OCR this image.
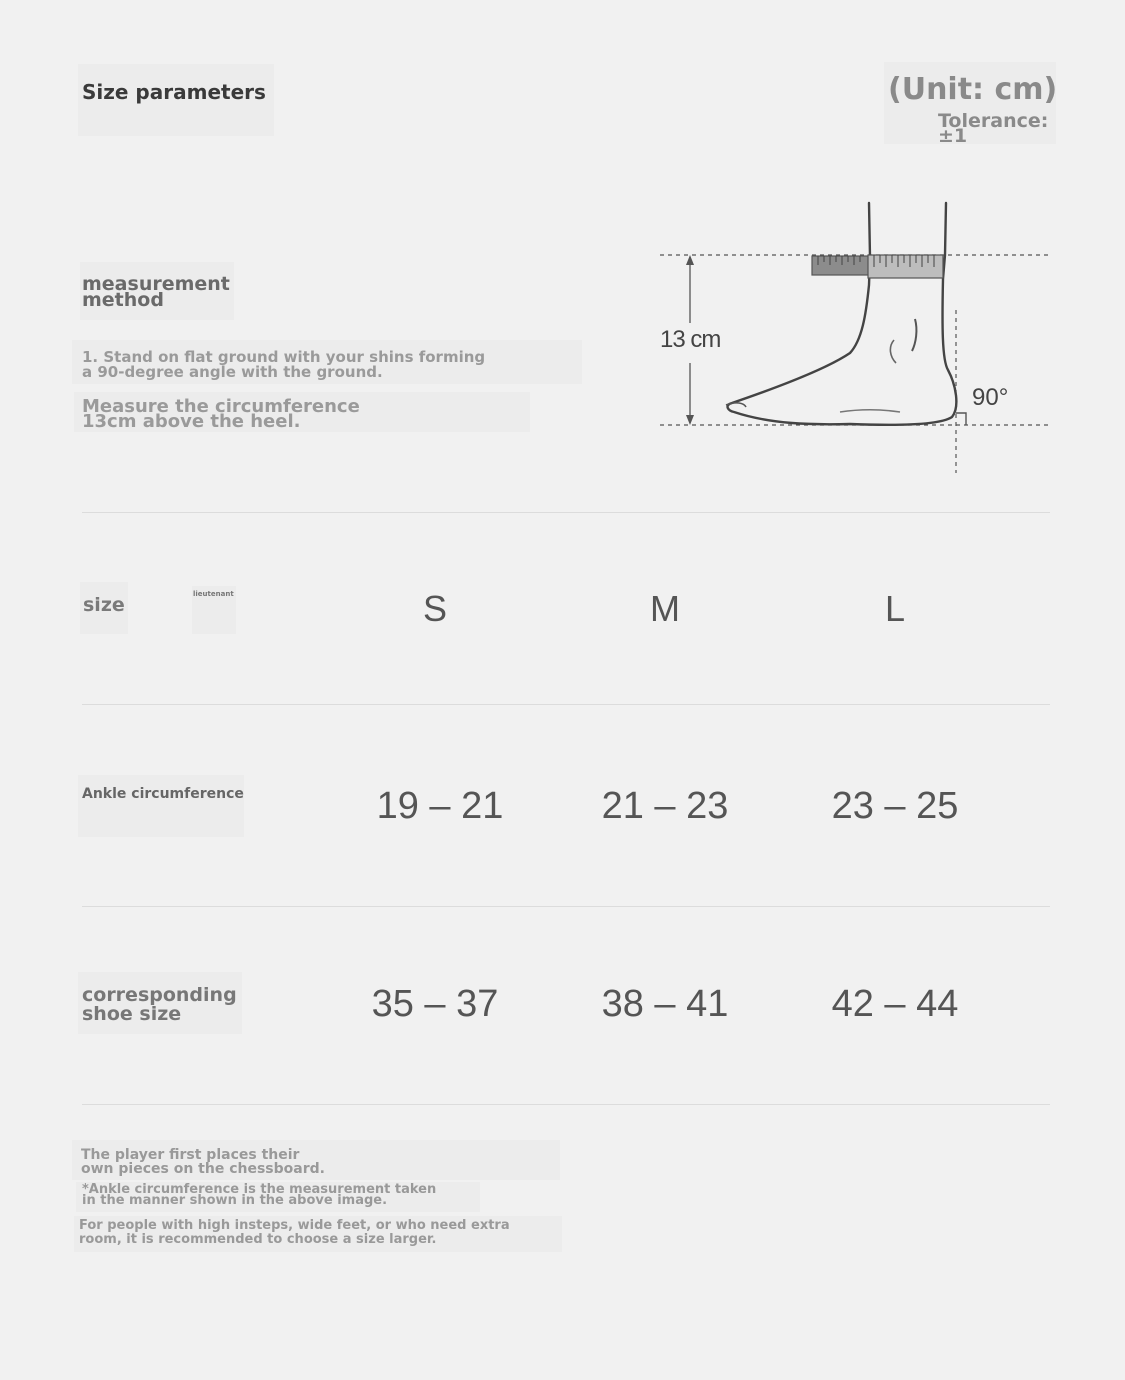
Size parameters	(Unit: cm)
Tolerance:
±1
measurement
method
1. Stand on flat ground with your shins forming
a 90-degree angle with the ground.
Measure the circumference
13cm above the heel.
13 cm
90°
size	lieutenant	S	M	L
Ankle circumference	19 – 21	21 – 23	23 – 25
corresponding
shoe size	35 – 37	38 – 41	42 – 44
The player first places their
own pieces on the chessboard.
*Ankle circumference is the measurement taken
in the manner shown in the above image.
For people with high insteps, wide feet, or who need extra
room, it is recommended to choose a size larger.
